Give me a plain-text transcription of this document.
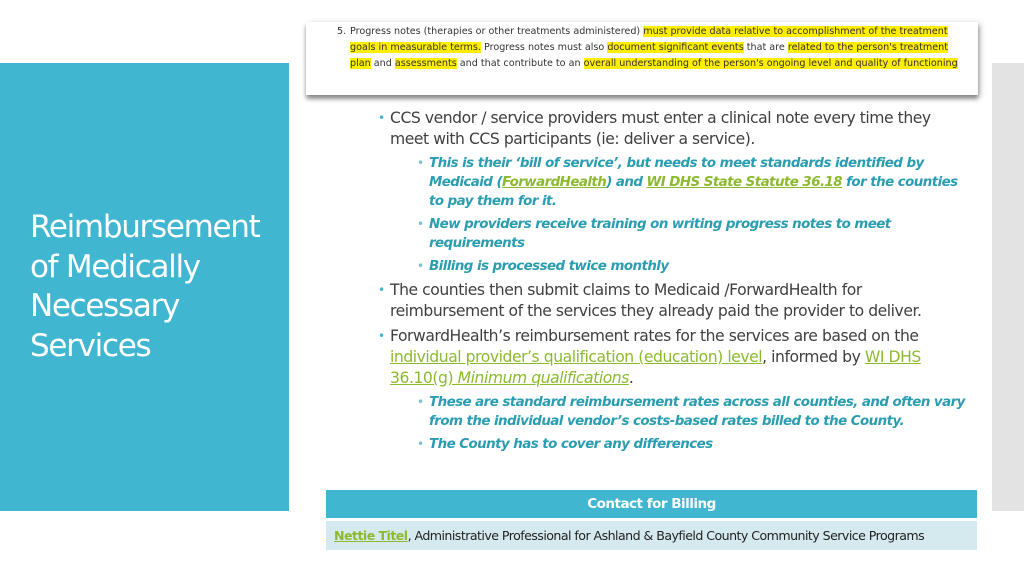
Reimbursement of Medically Necessary Services
5. Progress notes (therapies or other treatments administered) must provide data relative to accomplishment of the treatment goals in measurable terms. Progress notes must also document significant events that are related to the person's treatment plan and assessments and that contribute to an overall understanding of the person's ongoing level and quality of functioning
• CCS vendor / service providers must enter a clinical note every time they meet with CCS participants (ie: deliver a service).
• This is their ‘bill of service’, but needs to meet standards identified by Medicaid (ForwardHealth) and WI DHS State Statute 36.18 for the counties to pay them for it.
• New providers receive training on writing progress notes to meet requirements
• Billing is processed twice monthly
• The counties then submit claims to Medicaid /ForwardHealth for reimbursement of the services they already paid the provider to deliver.
• ForwardHealth’s reimbursement rates for the services are based on the individual provider’s qualification (education) level, informed by WI DHS 36.10(g) Minimum qualifications.
• These are standard reimbursement rates across all counties, and often vary from the individual vendor’s costs-based rates billed to the County.
• The County has to cover any differences
Contact for Billing
Nettie Titel, Administrative Professional for Ashland & Bayfield County Community Service Programs
